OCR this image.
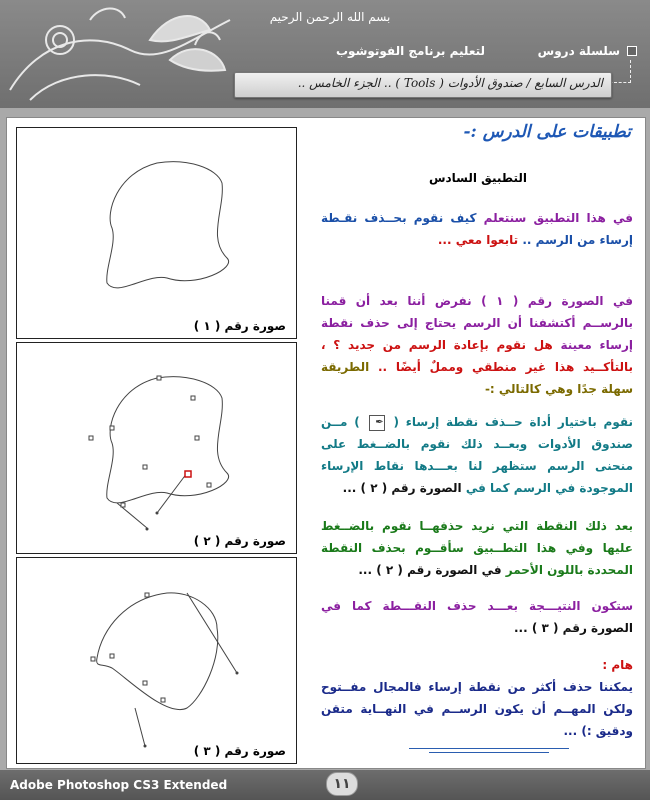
بسم الله الرحمن الرحيم
سلسلة دروس
لتعليم برنامج الفوتوشوب
الدرس السابع / صندوق الأدوات ( Tools ) .. الجزء الخامس ..
صورة رقم ( ١ )
صورة رقم ( ٢ )
صورة رقم ( ٣ )
تطبيقات على الدرس :-
التطبيق السادس
في هذا التطبيق سنتعلم كيف نقوم بحــذف نقـطة إرساء من الرسم .. تابعوا معي ...
في الصورة رقم ( ١ ) نفرض أننا بعد أن قمنا بالرســم أكتشفنا أن الرسم يحتاج إلى حذف نقطة إرساء معينة هل نقوم بإعادة الرسم من جديد ؟ ، بالتأكــيد هذا غير منطقي ومملٌ أيضًا .. الطريقة سهلة جدًا وهي كالتالي :-
نقوم باختيار أداة حــذف نقطة إرساء ( ✒ ) مــن صندوق الأدوات وبعــد ذلك نقوم بالضــغط على منحنى الرسم ستظهر لنا بعـــدها نقاط الإرساء الموجودة في الرسم كما في الصورة رقم ( ٢ ) ...
بعد ذلك النقطة التي نريد حذفهــا نقوم بالضــغط عليها وفي هذا التطــبيق سأقــوم بحذف النقطة المحددة باللون الأحمر في الصورة رقم ( ٢ ) ...
ستكون النتيـــجة بعـــد حذف النقـــطة كما في الصورة رقم ( ٣ ) ...
هام :
يمكننا حذف أكثر من نقطة إرساء فالمجال مفــتوح ولكن المهــم أن يكون الرســم في النهــاية متقن ودقيق :) ...
Adobe Photoshop CS3 Extended	١١
